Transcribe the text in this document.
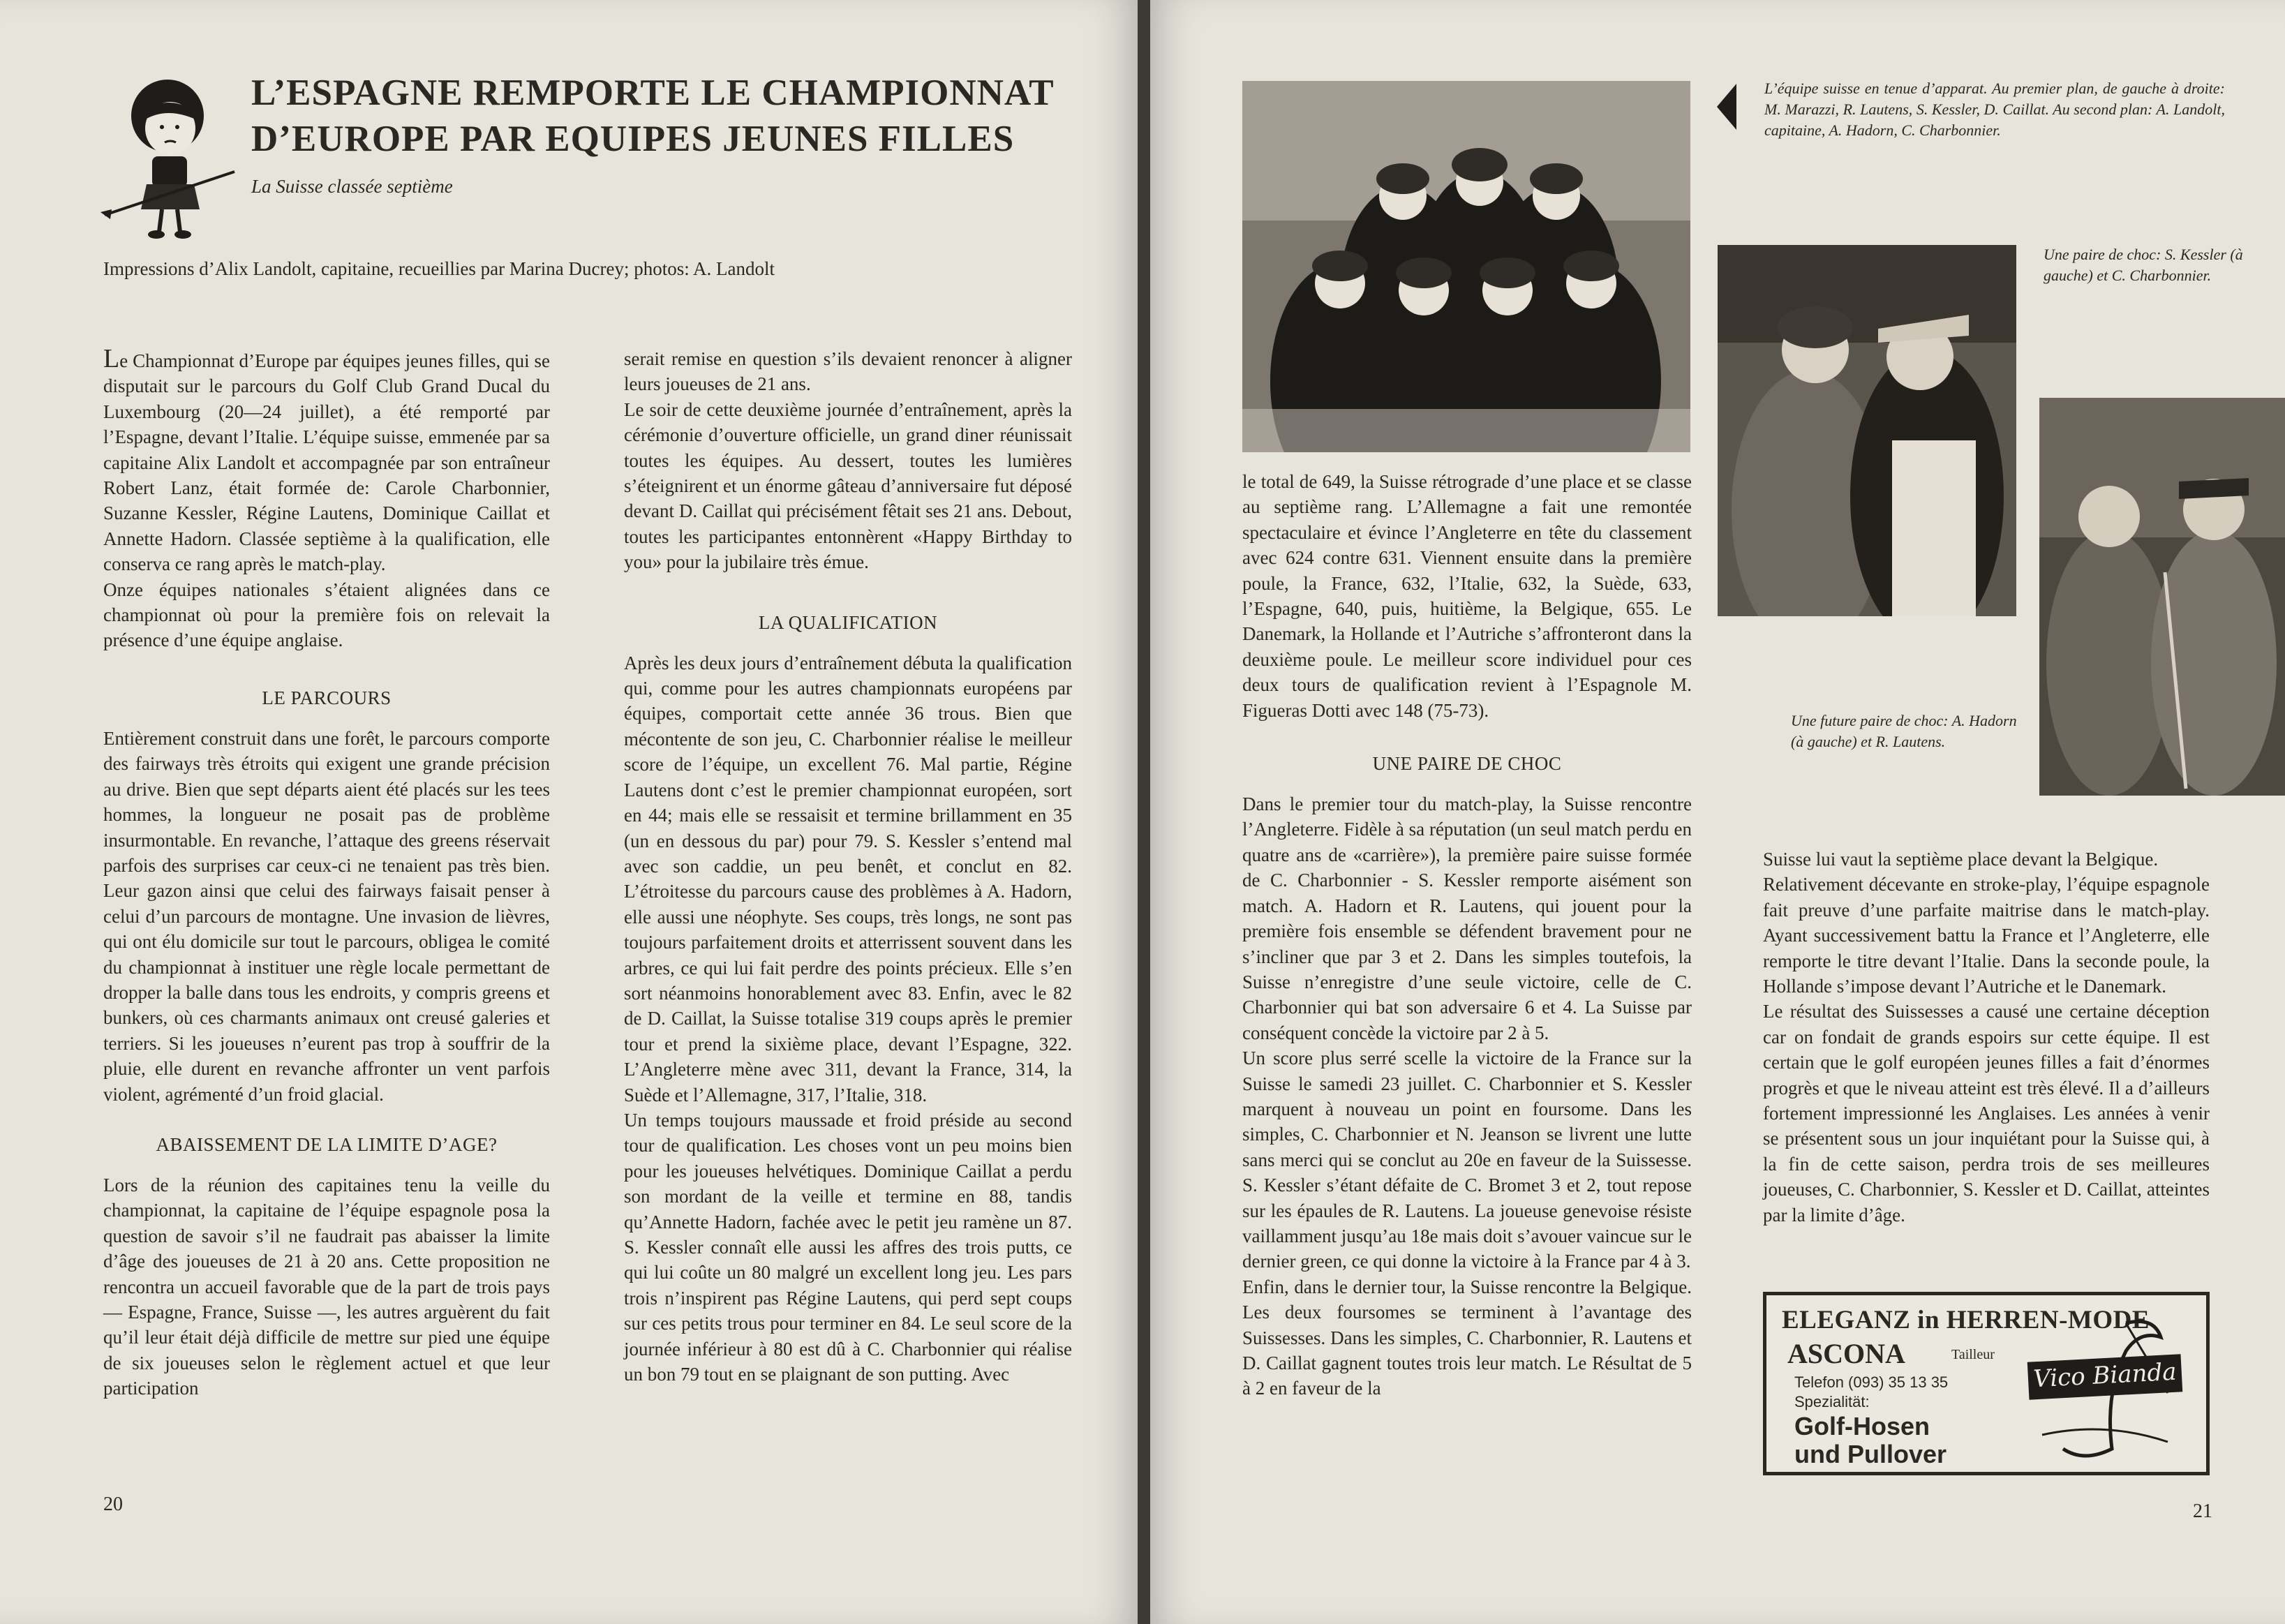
L’ESPAGNE REMPORTE LE CHAMPIONNAT
D’EUROPE PAR EQUIPES JEUNES FILLES
La Suisse classée septième
Impressions d’Alix Landolt, capitaine, recueillies par Marina Ducrey; photos: A. Landolt

Le Championnat d’Europe par équipes jeunes filles, qui se disputait sur le parcours du Golf Club Grand Ducal du Luxembourg (20—24 juillet), a été remporté par l’Espagne, devant l’Italie. L’équipe suisse, emmenée par sa capitaine Alix Landolt et accompagnée par son entraîneur Robert Lanz, était formée de: Carole Charbonnier, Suzanne Kessler, Régine Lautens, Dominique Caillat et Annette Hadorn. Classée septième à la qualification, elle conserva ce rang après le match-play.

Onze équipes nationales s’étaient alignées dans ce championnat où pour la première fois on relevait la présence d’une équipe anglaise.

LE PARCOURS

Entièrement construit dans une forêt, le parcours comporte des fairways très étroits qui exigent une grande précision au drive. Bien que sept départs aient été placés sur les tees hommes, la longueur ne posait pas de problème insurmontable. En revanche, l’attaque des greens réservait parfois des surprises car ceux-ci ne tenaient pas très bien. Leur gazon ainsi que celui des fairways faisait penser à celui d’un parcours de montagne. Une invasion de lièvres, qui ont élu domicile sur tout le parcours, obligea le comité du championnat à instituer une règle locale permettant de dropper la balle dans tous les endroits, y compris greens et bunkers, où ces charmants animaux ont creusé galeries et terriers. Si les joueuses n’eurent pas trop à souffrir de la pluie, elle durent en revanche affronter un vent parfois violent, agrémenté d’un froid glacial.

ABAISSEMENT DE LA LIMITE D’AGE?

Lors de la réunion des capitaines tenu la veille du championnat, la capitaine de l’équipe espagnole posa la question de savoir s’il ne faudrait pas abaisser la limite d’âge des joueuses de 21 à 20 ans. Cette proposition ne rencontra un accueil favorable que de la part de trois pays — Espagne, France, Suisse —, les autres arguèrent du fait qu’il leur était déjà difficile de mettre sur pied une équipe de six joueuses selon le règlement actuel et que leur participation

serait remise en question s’ils devaient renoncer à aligner leurs joueuses de 21 ans.

Le soir de cette deuxième journée d’entraînement, après la cérémonie d’ouverture officielle, un grand diner réunissait toutes les équipes. Au dessert, toutes les lumières s’éteignirent et un énorme gâteau d’anniversaire fut déposé devant D. Caillat qui précisément fêtait ses 21 ans. Debout, toutes les participantes entonnèrent «Happy Birthday to you» pour la jubilaire très émue.

LA QUALIFICATION

Après les deux jours d’entraînement débuta la qualification qui, comme pour les autres championnats européens par équipes, comportait cette année 36 trous. Bien que mécontente de son jeu, C. Charbonnier réalise le meilleur score de l’équipe, un excellent 76. Mal partie, Régine Lautens dont c’est le premier championnat européen, sort en 44; mais elle se ressaisit et termine brillamment en 35 (un en dessous du par) pour 79. S. Kessler s’entend mal avec son caddie, un peu benêt, et conclut en 82. L’étroitesse du parcours cause des problèmes à A. Hadorn, elle aussi une néophyte. Ses coups, très longs, ne sont pas toujours parfaitement droits et atterrissent souvent dans les arbres, ce qui lui fait perdre des points précieux. Elle s’en sort néanmoins honorablement avec 83. Enfin, avec le 82 de D. Caillat, la Suisse totalise 319 coups après le premier tour et prend la sixième place, devant l’Espagne, 322. L’Angleterre mène avec 311, devant la France, 314, la Suède et l’Allemagne, 317, l’Italie, 318.

Un temps toujours maussade et froid préside au second tour de qualification. Les choses vont un peu moins bien pour les joueuses helvétiques. Dominique Caillat a perdu son mordant de la veille et termine en 88, tandis qu’Annette Hadorn, fachée avec le petit jeu ramène un 87. S. Kessler connaît elle aussi les affres des trois putts, ce qui lui coûte un 80 malgré un excellent long jeu. Les pars trois n’inspirent pas Régine Lautens, qui perd sept coups sur ces petits trous pour terminer en 84. Le seul score de la journée inférieur à 80 est dû à C. Charbonnier qui réalise un bon 79 tout en se plaignant de son putting. Avec

20
L’équipe suisse en tenue d’apparat. Au premier plan, de gauche à droite: M. Marazzi, R. Lautens, S. Kessler, D. Caillat. Au second plan: A. Landolt, capitaine, A. Hadorn, C. Charbonnier.
Une paire de choc: S. Kessler (à gauche) et C. Charbonnier.

le total de 649, la Suisse rétrograde d’une place et se classe au septième rang. L’Allemagne a fait une remontée spectaculaire et évince l’Angleterre en tête du classement avec 624 contre 631. Viennent ensuite dans la première poule, la France, 632, l’Italie, 632, la Suède, 633, l’Espagne, 640, puis, huitième, la Belgique, 655. Le Danemark, la Hollande et l’Autriche s’affronteront dans la deuxième poule. Le meilleur score individuel pour ces deux tours de qualification revient à l’Espagnole M. Figueras Dotti avec 148 (75-73).

UNE PAIRE DE CHOC

Dans le premier tour du match-play, la Suisse rencontre l’Angleterre. Fidèle à sa réputation (un seul match perdu en quatre ans de «carrière»), la première paire suisse formée de C. Charbonnier - S. Kessler remporte aisément son match. A. Hadorn et R. Lautens, qui jouent pour la première fois ensemble se défendent bravement pour ne s’incliner que par 3 et 2. Dans les simples toutefois, la Suisse n’enregistre d’une seule victoire, celle de C. Charbonnier qui bat son adversaire 6 et 4. La Suisse par conséquent concède la victoire par 2 à 5.

Un score plus serré scelle la victoire de la France sur la Suisse le samedi 23 juillet. C. Charbonnier et S. Kessler marquent à nouveau un point en foursome. Dans les simples, C. Charbonnier et N. Jeanson se livrent une lutte sans merci qui se conclut au 20e en faveur de la Suissesse. S. Kessler s’étant défaite de C. Bromet 3 et 2, tout repose sur les épaules de R. Lautens. La joueuse genevoise résiste vaillamment jusqu’au 18e mais doit s’avouer vaincue sur le dernier green, ce qui donne la victoire à la France par 4 à 3.

Enfin, dans le dernier tour, la Suisse rencontre la Belgique. Les deux foursomes se terminent à l’avantage des Suissesses. Dans les simples, C. Charbonnier, R. Lautens et D. Caillat gagnent toutes trois leur match. Le Résultat de 5 à 2 en faveur de la

Suisse lui vaut la septième place devant la Belgique.

Relativement décevante en stroke-play, l’équipe espagnole fait preuve d’une parfaite maitrise dans le match-play. Ayant successivement battu la France et l’Angleterre, elle remporte le titre devant l’Italie. Dans la seconde poule, la Hollande s’impose devant l’Autriche et le Danemark.

Le résultat des Suissesses a causé une certaine déception car on fondait de grands espoirs sur cette équipe. Il est certain que le golf européen jeunes filles a fait d’énormes progrès et que le niveau atteint est très élevé. Il a d’ailleurs fortement impressionné les Anglaises. Les années à venir se présentent sous un jour inquiétant pour la Suisse qui, à la fin de cette saison, perdra trois de ses meilleures joueuses, C. Charbonnier, S. Kessler et D. Caillat, atteintes par la limite d’âge.

21
Une future paire de choc: A. Hadorn (à gauche) et R. Lautens.
ELEGANZ in HERREN-MODE
ASCONA	Tailleur
Telefon (093) 35 13 35
Spezialität:
Golf-Hosen
und Pullover
Vico Bianda
